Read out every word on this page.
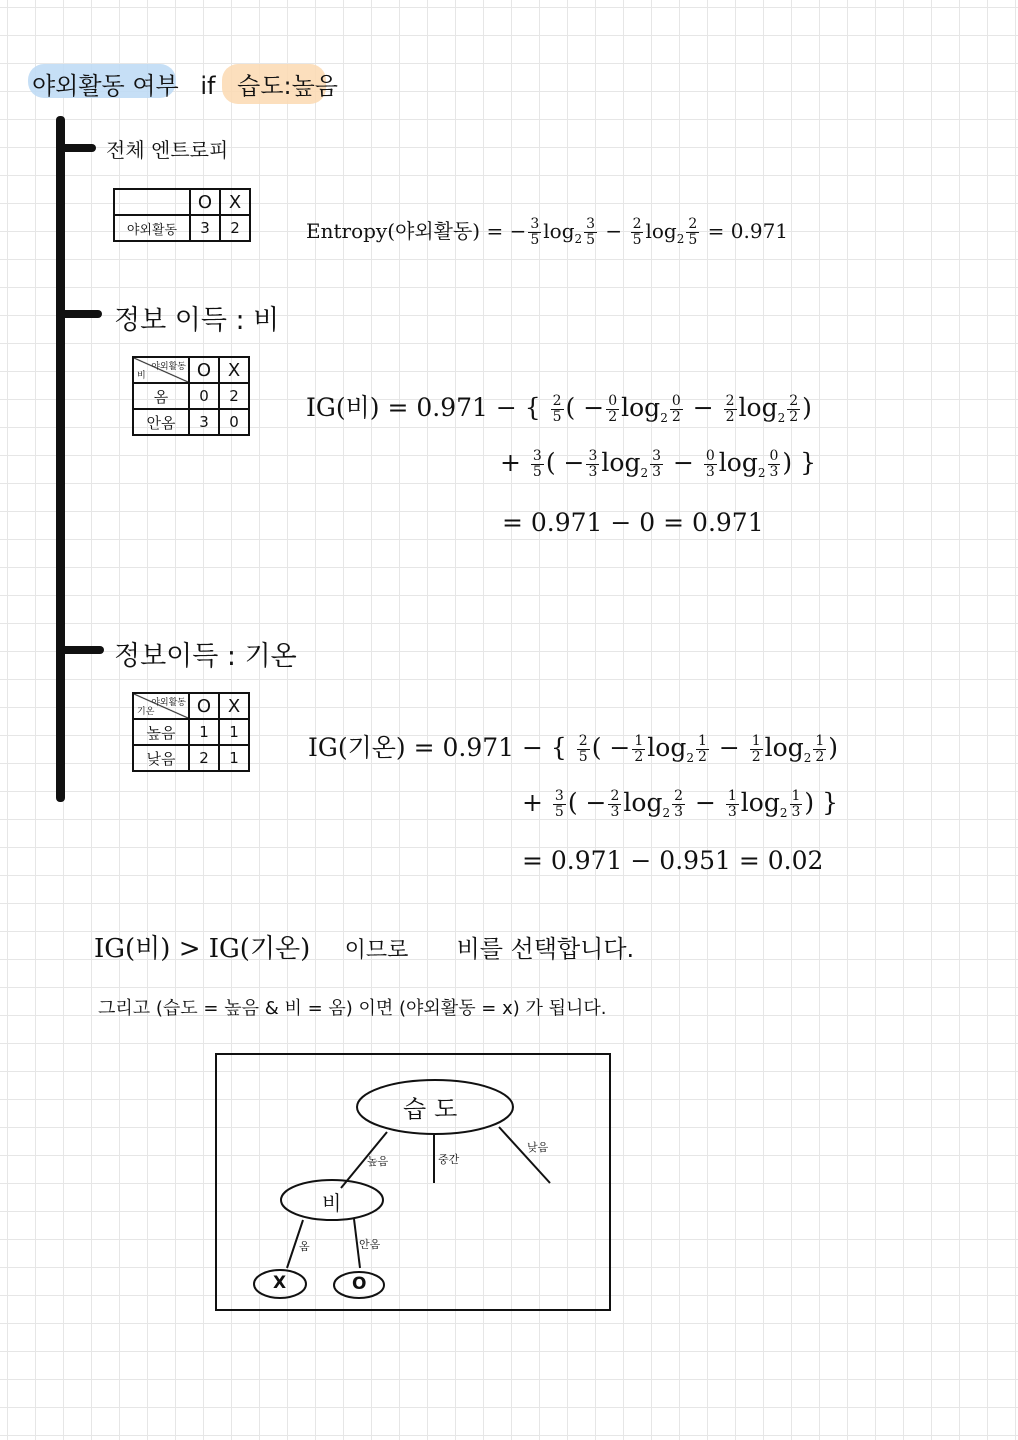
야외활동 여부 if 습도:높음
전체 엔트로피
	O	X
야외활동	3	2	Entropy(야외활동) = − $\frac{3}{5} \log_2 \frac{3}{5} - \frac{2}{5} \log_2 \frac{2}{5} = 0.971$
정보 이득 : 비
야외활동
비	O	X
옴	0	2
안옴	3	0	IG(비) = 0.971 − { $\frac{2}{5}$ ( − $\frac{0}{2} \log_2 \frac{0}{2} - \frac{2}{2} \log_2 \frac{2}{2}$ )
+ $\frac{3}{5}$ ( − $\frac{3}{3} \log_2 \frac{3}{3} - \frac{0}{3} \log_2 \frac{0}{3}$ ) }
= 0.971 − 0 = 0.971
정보이득 : 기온
야외활동
기온	O	X
높음	1	1
낮음	2	1	IG(기온) = 0.971 − { $\frac{2}{5}$ ( − $\frac{1}{2} \log_2 \frac{1}{2} - \frac{1}{2} \log_2 \frac{1}{2}$ )
+ $\frac{3}{5}$ ( − $\frac{2}{3} \log_2 \frac{2}{3} - \frac{1}{3} \log_2 \frac{1}{3}$ ) }
= 0.971 − 0.951 = 0.02
IG(비) > IG(기온) 이므로 비를 선택합니다.
그리고 (습도 = 높음 & 비 = 옴) 이면 (야외활동 = x) 가 됩니다.
습도
높음	중간
낮음
비
옴	안옴
X	O
